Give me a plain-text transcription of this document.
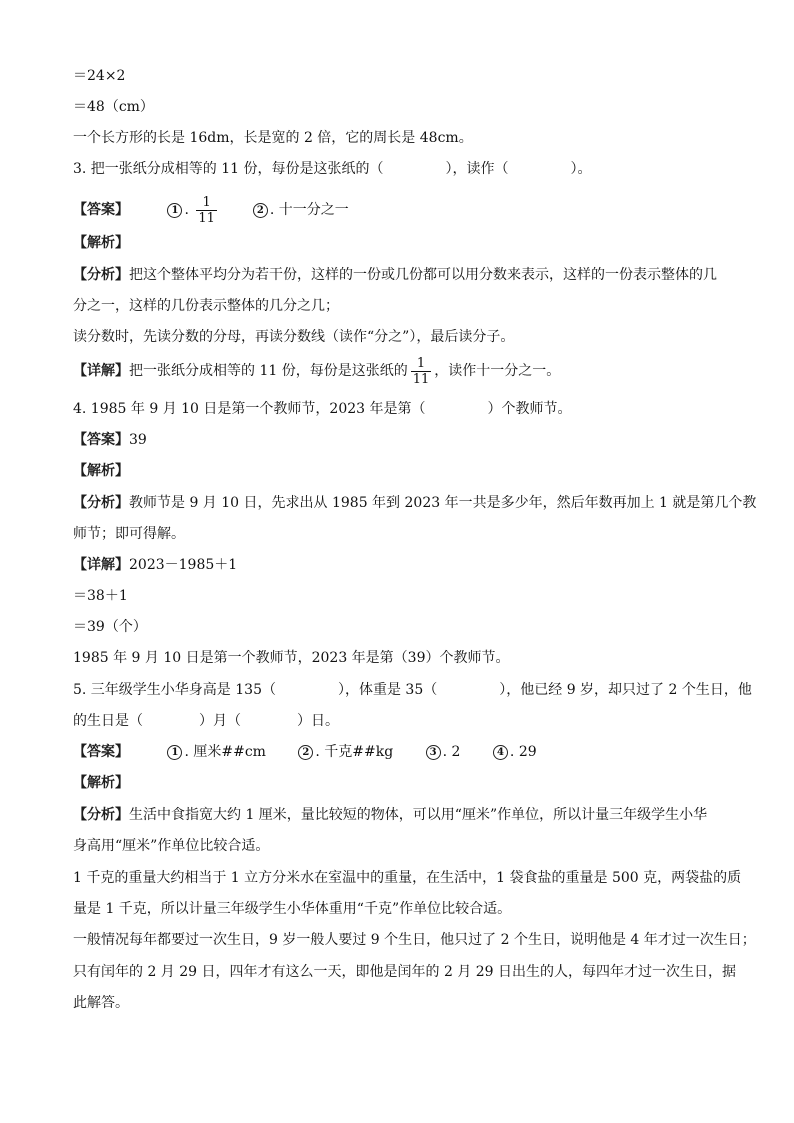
＝24×2
＝48（cm）
一个长方形的长是 16dm，长是宽的 2 倍，它的周长是 48cm。
3. 把一张纸分成相等的 11 份，每份是这张纸的（	），读作（	）。
【答案】	1 . $\frac{1}{11}$	2 . 十一分之一
【解析】
【分析】把这个整体平均分为若干份，这样的一份或几份都可以用分数来表示，这样的一份表示整体的几
分之一，这样的几份表示整体的几分之几；
读分数时，先读分数的分母，再读分数线（读作“分之”），最后读分子。
【详解】把一张纸分成相等的 11 份，每份是这张纸的 $\frac{1}{11}$ ，读作十一分之一。
4. 1985 年 9 月 10 日是第一个教师节，2023 年是第（	）个教师节。
【答案】39
【解析】
【分析】教师节是 9 月 10 日，先求出从 1985 年到 2023 年一共是多少年，然后年数再加上 1 就是第几个教
师节；即可得解。
【详解】2023－1985＋1
＝38＋1
＝39（个）
1985 年 9 月 10 日是第一个教师节，2023 年是第（39）个教师节。
5. 三年级学生小华身高是 135（	），体重是 35（	），他已经 9 岁，却只过了 2 个生日，他
的生日是（	）月（	）日。
【答案】	1 . 厘米##cm	2 . 千克##kg	3 . 2	4 . 29
【解析】
【分析】生活中食指宽大约 1 厘米，量比较短的物体，可以用“厘米”作单位，所以计量三年级学生小华
身高用“厘米”作单位比较合适。
1 千克的重量大约相当于 1 立方分米水在室温中的重量，在生活中，1 袋食盐的重量是 500 克，两袋盐的质
量是 1 千克，所以计量三年级学生小华体重用“千克”作单位比较合适。
一般情况每年都要过一次生日，9 岁一般人要过 9 个生日，他只过了 2 个生日，说明他是 4 年才过一次生日；
只有闰年的 2 月 29 日，四年才有这么一天，即他是闰年的 2 月 29 日出生的人，每四年才过一次生日，据
此解答。
